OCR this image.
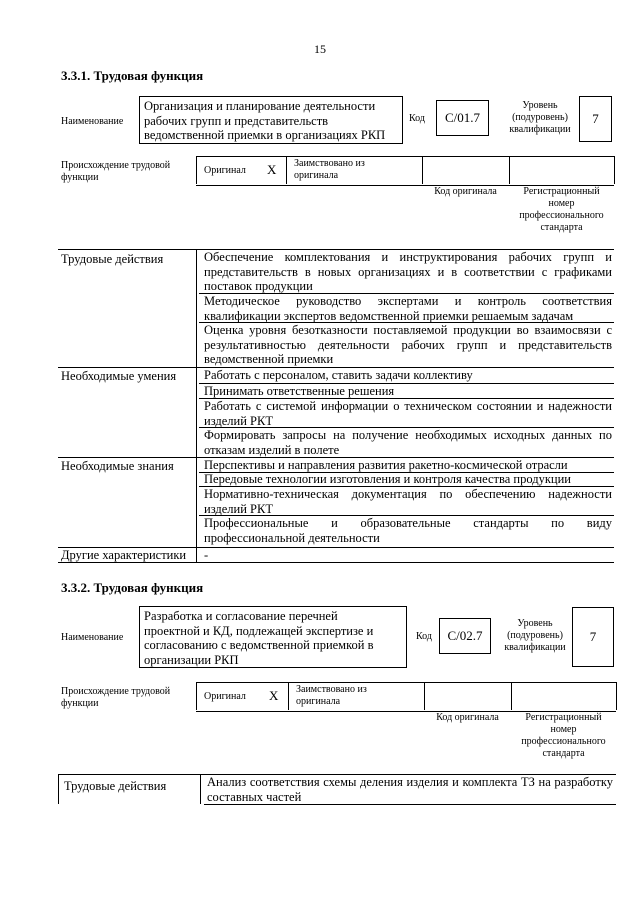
15
3.3.1. Трудовая функция
Наименование
Организация и планирование деятельности
рабочих групп и представительств
ведомственной приемки в организациях РКП
Код С/01.7
Уровень
(подуровень)
квалификации
7
Происхождение трудовой
функции
Оригинал X Заимствовано из
оригинала
Код оригинала	Регистрационный
номер
профессионального
стандарта
Трудовые действия	Обеспечение комплектования и инструктирования рабочих групп и представительств в новых организациях и в соответствии с графиками поставок продукции
Методическое руководство экспертами и контроль соответствия квалификации экспертов ведомственной приемки решаемым задачам
Оценка уровня безотказности поставляемой продукции во взаимосвязи с результативностью деятельности рабочих групп и представительств ведомственной приемки
Необходимые умения Работать с персоналом, ставить задачи коллективу
Принимать ответственные решения
Работать с системой информации о техническом состоянии и надежности изделий РКТ
Формировать запросы на получение необходимых исходных данных по отказам изделий в полете
Необходимые знания Перспективы и направления развития ракетно-космической отрасли
Передовые технологии изготовления и контроля качества продукции
Нормативно-техническая документация по обеспечению надежности изделий РКТ
Профессиональные и образовательные стандарты по виду профессиональной деятельности
Другие характеристики -
3.3.2. Трудовая функция
Наименование
Разработка и согласование перечней
проектной и КД, подлежащей экспертизе и
согласованию с ведомственной приемкой в
организации РКП
Код С/02.7
Уровень
(подуровень)
квалификации
7
Происхождение трудовой
функции
Оригинал X Заимствовано из
оригинала
Код оригинала	Регистрационный
номер
профессионального
стандарта
Трудовые действия	Анализ соответствия схемы деления изделия и комплекта ТЗ на разработку составных частей
